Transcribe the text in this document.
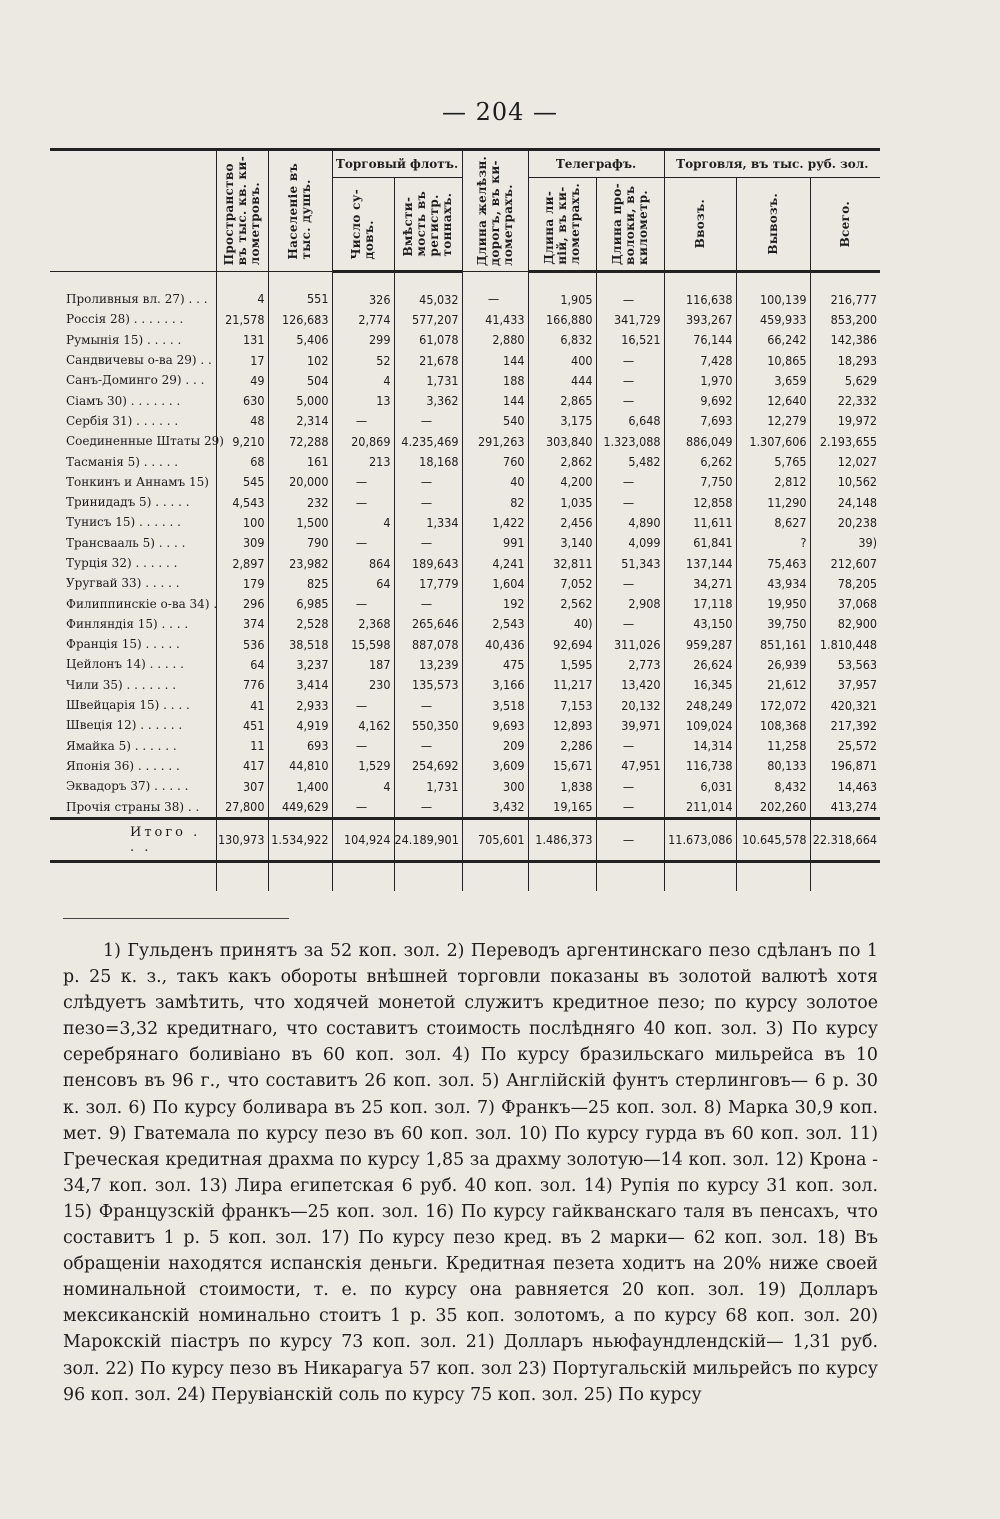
— 204 —

	Пространство
въ тыс. кв. ки-
лометровъ.	Населеніе въ
тыс. душъ.	Торговый флотъ.		Длина желѣзн.
дорогъ, въ ки-
лометрахъ.	Телеграфъ.		Торговля, въ тыс. руб. зол.		

			Число су-
довъ.	Вмѣсти-
мость въ
регистр.
тоннахъ.		Длина ли-
ній, въ ки-
лометрахъ.	Длина про-
волоки, въ
километр.	Ввозъ.	Вывозъ.	Всего.

Проливныя вл. 27) . . .	4	551	326	45,032	—	1,905	—	116,638	100,139	216,777
Россія 28) . . . . . . .	21,578	126,683	2,774	577,207	41,433	166,880	341,729	393,267	459,933	853,200
Румынія 15) . . . . .	131	5,406	299	61,078	2,880	6,832	16,521	76,144	66,242	142,386
Сандвичевы о-ва 29) . .	17	102	52	21,678	144	400	—	7,428	10,865	18,293
Санъ-Доминго 29) . . .	49	504	4	1,731	188	444	—	1,970	3,659	5,629
Сіамъ 30) . . . . . . .	630	5,000	13	3,362	144	2,865	—	9,692	12,640	22,332
Сербія 31) . . . . . .	48	2,314	—	—	540	3,175	6,648	7,693	12,279	19,972
Соединенные Штаты 29)	9,210	72,288	20,869	4.235,469	291,263	303,840	1.323,088	886,049	1.307,606	2.193,655
Тасманія 5) . . . . .	68	161	213	18,168	760	2,862	5,482	6,262	5,765	12,027
Тонкинъ и Аннамъ 15)	545	20,000	—	—	40	4,200	—	7,750	2,812	10,562
Тринидадъ 5) . . . . .	4,543	232	—	—	82	1,035	—	12,858	11,290	24,148
Тунисъ 15) . . . . . .	100	1,500	4	1,334	1,422	2,456	4,890	11,611	8,627	20,238
Трансвааль 5) . . . .	309	790	—	—	991	3,140	4,099	61,841	?	39)
Турція 32) . . . . . .	2,897	23,982	864	189,643	4,241	32,811	51,343	137,144	75,463	212,607
Уругвай 33) . . . . .	179	825	64	17,779	1,604	7,052	—	34,271	43,934	78,205
Филиппинскіе о-ва 34) .	296	6,985	—	—	192	2,562	2,908	17,118	19,950	37,068
Финляндія 15) . . . .	374	2,528	2,368	265,646	2,543	40)	—	43,150	39,750	82,900
Франція 15) . . . . .	536	38,518	15,598	887,078	40,436	92,694	311,026	959,287	851,161	1.810,448
Цейлонъ 14) . . . . .	64	3,237	187	13,239	475	1,595	2,773	26,624	26,939	53,563
Чили 35) . . . . . . .	776	3,414	230	135,573	3,166	11,217	13,420	16,345	21,612	37,957
Швейцарія 15) . . . .	41	2,933	—	—	3,518	7,153	20,132	248,249	172,072	420,321
Швеція 12) . . . . . .	451	4,919	4,162	550,350	9,693	12,893	39,971	109,024	108,368	217,392
Ямайка 5) . . . . . .	11	693	—	—	209	2,286	—	14,314	11,258	25,572
Японія 36) . . . . . .	417	44,810	1,529	254,692	3,609	15,671	47,951	116,738	80,133	196,871
Эквадоръ 37) . . . . .	307	1,400	4	1,731	300	1,838	—	6,031	8,432	14,463
Прочія страны 38) . .	27,800	449,629	—	—	3,432	19,165	—	211,014	202,260	413,274
Итого . . .	130,973	1.534,922	104,924	24.189,901	705,601	1.486,373	—	11.673,086	10.645,578	22.318,664

1) Гульденъ принятъ за 52 коп. зол. 2) Переводъ аргентинскаго пезо сдѣланъ по 1 р. 25 к. з., такъ какъ обороты внѣшней торговли показаны въ золотой валютѣ хотя слѣдуетъ замѣтить, что ходячей монетой служитъ кредитное пезо; по курсу золотое пезо=3,32 кредитнаго, что составитъ стоимость послѣдняго 40 коп. зол. 3) По курсу серебрянаго боливіано въ 60 коп. зол. 4) По курсу бразильскаго мильрейса въ 10 пенсовъ въ 96 г., что составитъ 26 коп. зол. 5) Англійскій фунтъ стерлинговъ— 6 р. 30 к. зол. 6) По курсу боливара въ 25 коп. зол. 7) Франкъ—25 коп. зол. 8) Марка 30,9 коп. мет. 9) Гватемала по курсу пезо въ 60 коп. зол. 10) По курсу гурда въ 60 коп. зол. 11) Греческая кредитная драхма по курсу 1,85 за драхму золотую—14 коп. зол. 12) Крона - 34,7 коп. зол. 13) Лира египетская 6 руб. 40 коп. зол. 14) Рупія по курсу 31 коп. зол. 15) Французскій франкъ—25 коп. зол. 16) По курсу гайкванскаго таля въ пенсахъ, что составитъ 1 р. 5 коп. зол. 17) По курсу пезо кред. въ 2 марки— 62 коп. зол. 18) Въ обращеніи находятся испанскія деньги. Кредитная пезета ходитъ на 20% ниже своей номинальной стоимости, т. е. по курсу она равняется 20 коп. зол. 19) Долларъ мексиканскій номинально стоитъ 1 р. 35 коп. золотомъ, а по курсу 68 коп. зол. 20) Марокскій піастръ по курсу 73 коп. зол. 21) Долларъ ньюфаундлендскій— 1,31 руб. зол. 22) По курсу пезо въ Никарагуа 57 коп. зол 23) Португальскій мильрейсъ по курсу 96 коп. зол. 24) Перувіанскій соль по курсу 75 коп. зол. 25) По курсу
